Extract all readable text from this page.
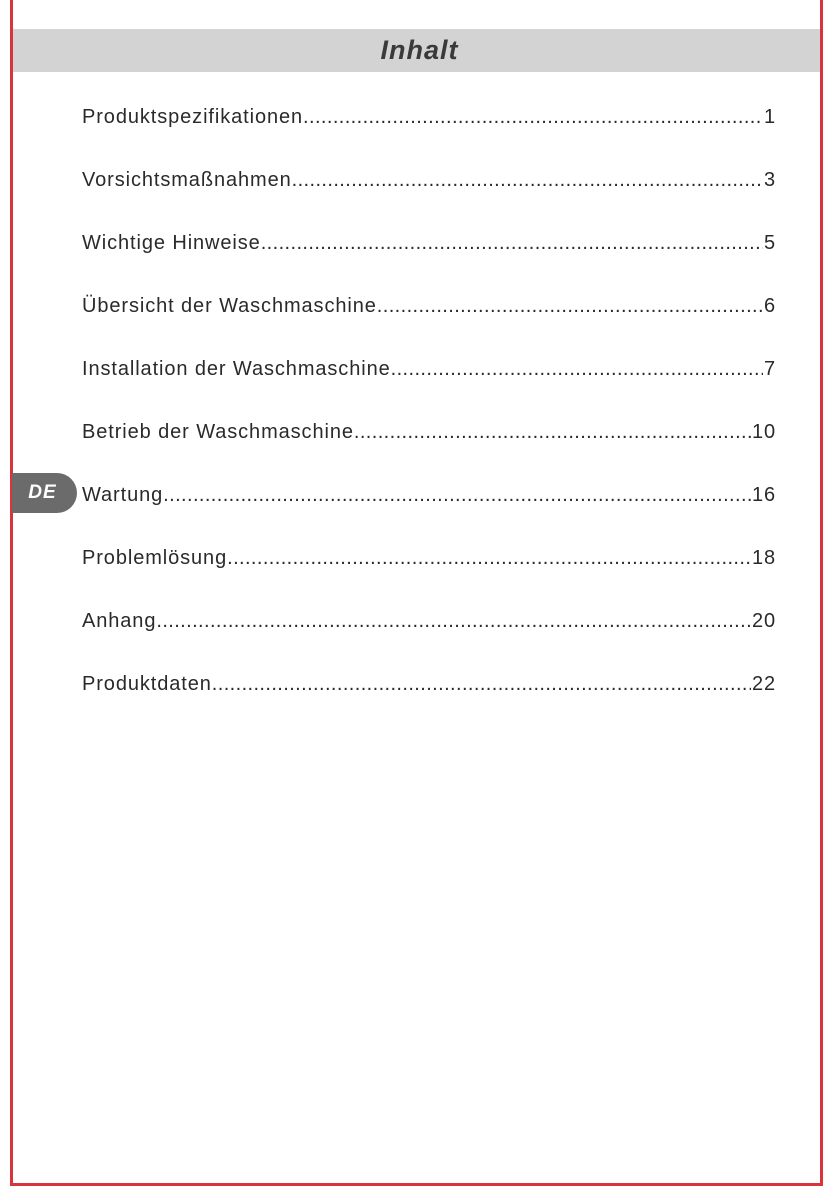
Inhalt
DE
Produktspezifikationen .....	1
Vorsichtsmaßnahmen .....	3
Wichtige Hinweise .....	5
Übersicht der Waschmaschine .....	6
Installation der Waschmaschine .....	7
Betrieb der Waschmaschine .....	10
Wartung .....	16
Problemlösung .....	18
Anhang .....	20
Produktdaten .....	22
